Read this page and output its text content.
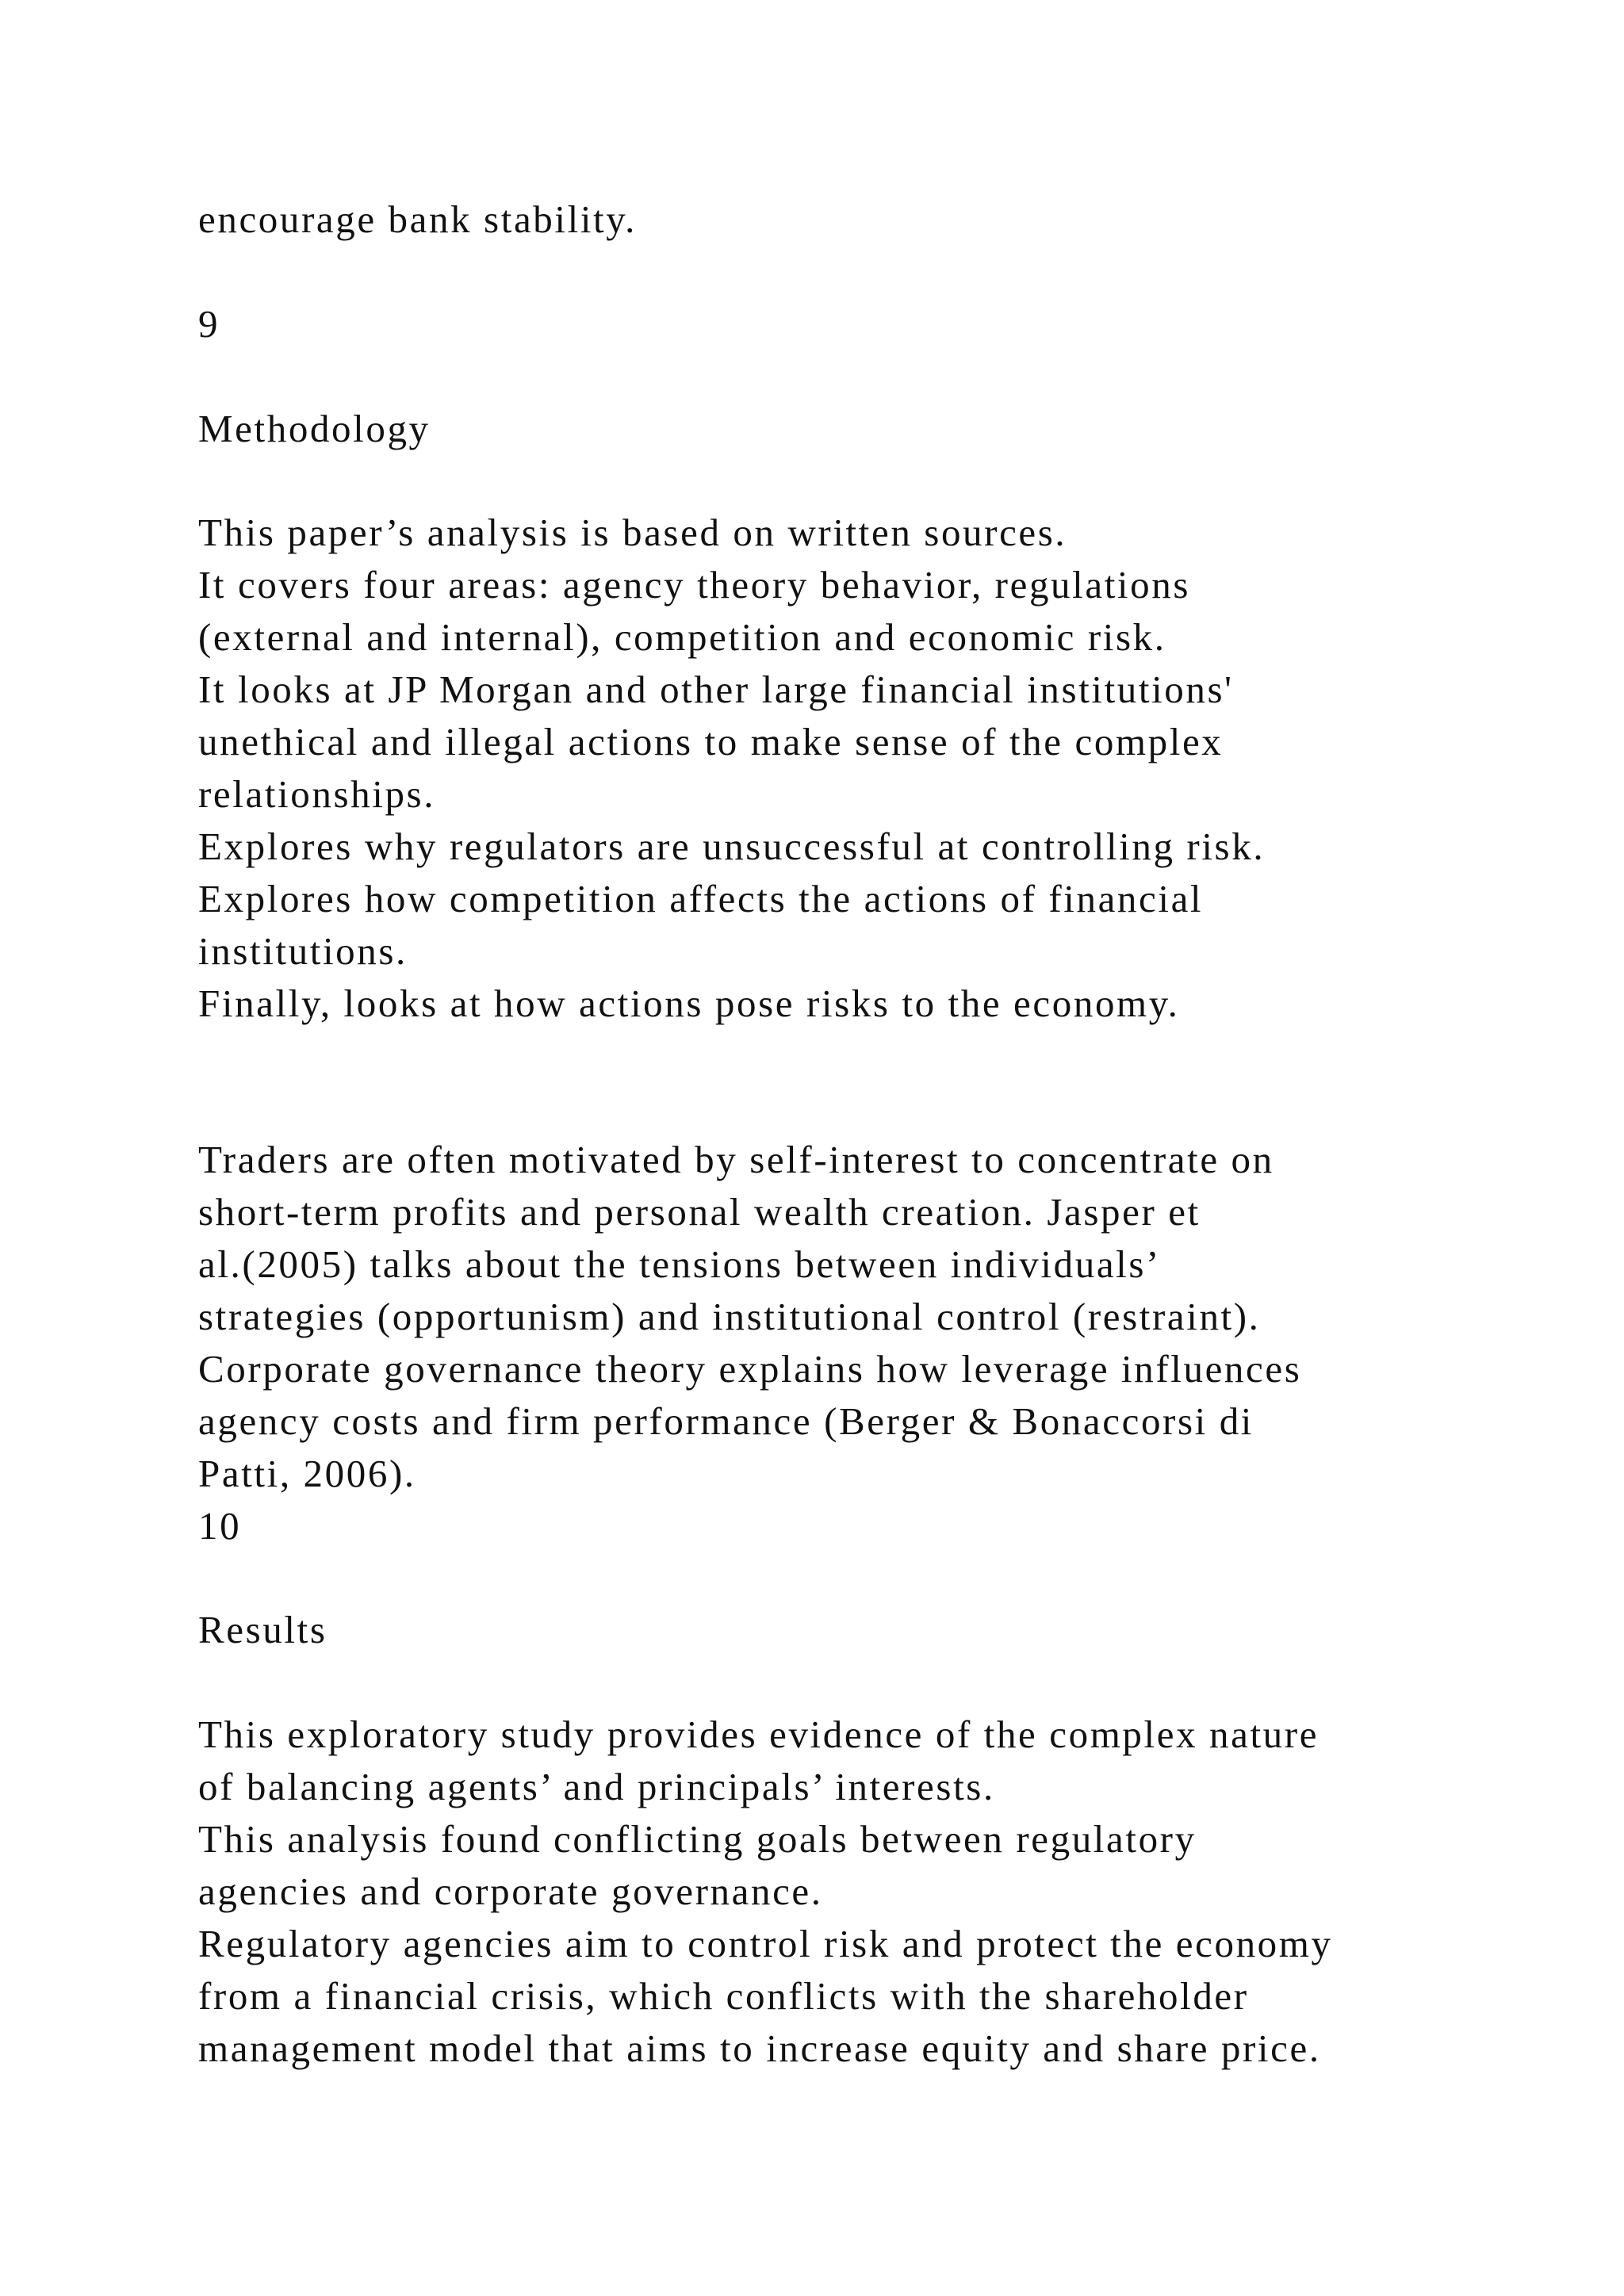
encourage bank stability.
9
Methodology
This paper’s analysis is based on written sources.
It covers four areas: agency theory behavior, regulations
(external and internal), competition and economic risk.
It looks at JP Morgan and other large financial institutions'
unethical and illegal actions to make sense of the complex
relationships.
Explores why regulators are unsuccessful at controlling risk.
Explores how competition affects the actions of financial
institutions.
Finally, looks at how actions pose risks to the economy.
Traders are often motivated by self-interest to concentrate on
short-term profits and personal wealth creation. Jasper et
al.(2005) talks about the tensions between individuals’
strategies (opportunism) and institutional control (restraint).
Corporate governance theory explains how leverage influences
agency costs and firm performance (Berger & Bonaccorsi di
Patti, 2006).
10
Results
This exploratory study provides evidence of the complex nature
of balancing agents’ and principals’ interests.
This analysis found conflicting goals between regulatory
agencies and corporate governance.
Regulatory agencies aim to control risk and protect the economy
from a financial crisis, which conflicts with the shareholder
management model that aims to increase equity and share price.
